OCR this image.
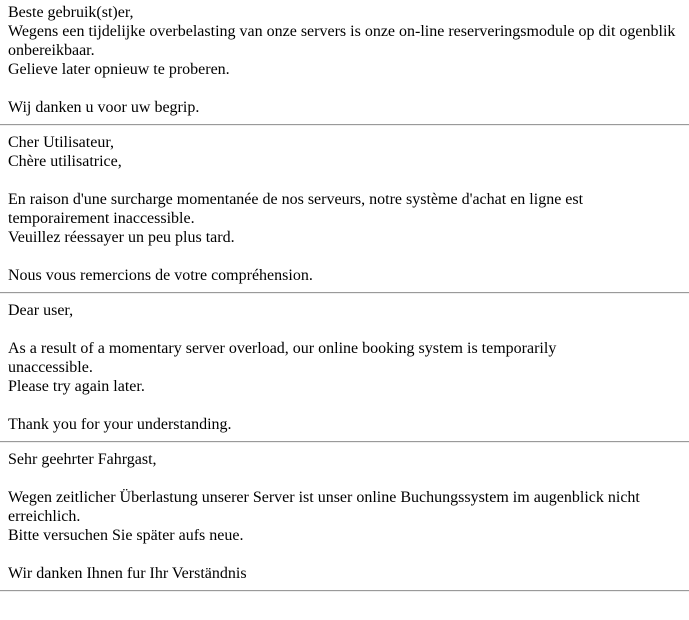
Beste gebruik(st)er,

Wegens een tijdelijke overbelasting van onze servers is onze on-line reserveringsmodule op dit ogenblik onbereikbaar.

Gelieve later opnieuw te proberen.

Wij danken u voor uw begrip.

Cher Utilisateur,

Chère utilisatrice,

En raison d'une surcharge momentanée de nos serveurs, notre système d'achat en ligne est temporairement inaccessible.

Veuillez réessayer un peu plus tard.

Nous vous remercions de votre compréhension.

Dear user,

As a result of a momentary server overload, our online booking system is temporarily unaccessible.

Please try again later.

Thank you for your understanding.

Sehr geehrter Fahrgast,

Wegen zeitlicher Überlastung unserer Server ist unser online Buchungssystem im augenblick nicht erreichlich.

Bitte versuchen Sie später aufs neue.

Wir danken Ihnen fur Ihr Verständnis
